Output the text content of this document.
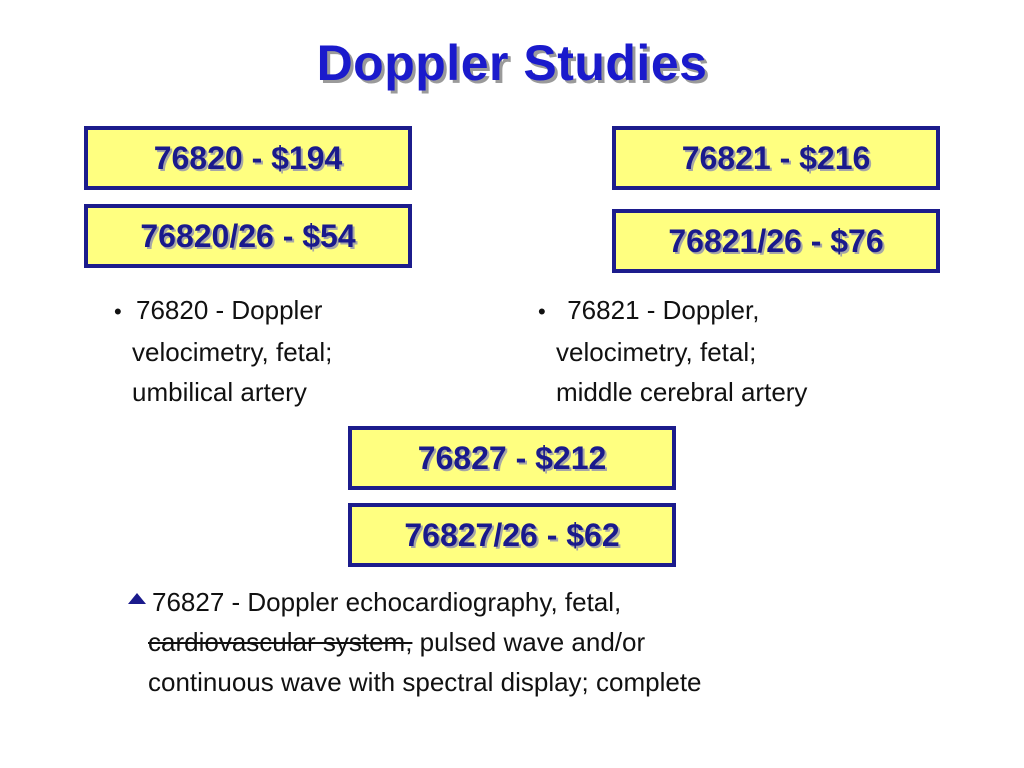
Doppler Studies
76820 - $194
76820/26 - $54
76821 - $216
76821/26 - $76
• 76820 - Doppler
velocimetry, fetal;
umbilical artery
• 76821 - Doppler,
velocimetry, fetal;
middle cerebral artery
76827 - $212
76827/26 - $62
76827 - Doppler echocardiography, fetal,
cardiovascular system, pulsed wave and/or
continuous wave with spectral display; complete
